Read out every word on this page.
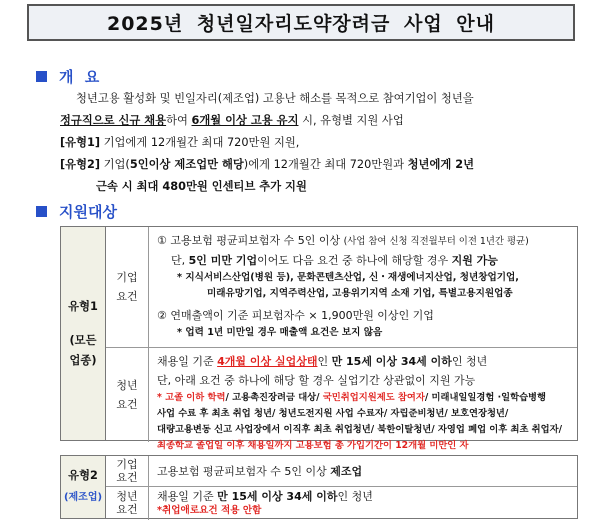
2025년 청년일자리도약장려금 사업 안내
개 요
청년고용 활성화 및 빈일자리(제조업) 고용난 해소를 목적으로 참여기업이 청년을
정규직으로 신규 채용하여 6개월 이상 고용 유지 시, 유형별 지원 사업
[유형1] 기업에게 12개월간 최대 720만원 지원,
[유형2] 기업(5인이상 제조업만 해당)에게 12개월간 최대 720만원과 청년에게 2년
근속 시 최대 480만원 인센티브 추가 지원
지원대상
유형1
(모든
업종)
기업
요건
청년
요건
① 고용보험 평균피보험자 수 5인 이상 (사업 참여 신청 직전월부터 이전 1년간 평균)
단, 5인 미만 기업이어도 다음 요건 중 하나에 해당할 경우 지원 가능
* 지식서비스산업(병원 등), 문화콘텐츠산업, 신・재생에너지산업, 청년창업기업,
미래유망기업, 지역주력산업, 고용위기지역 소재 기업, 특별고용지원업종
② 연매출액이 기준 피보험자수 × 1,900만원 이상인 기업
* 업력 1년 미만일 경우 매출액 요건은 보지 않음
채용일 기준 4개월 이상 실업상태인 만 15세 이상 34세 이하인 청년
단, 아래 요건 중 하나에 해당 할 경우 실업기간 상관없이 지원 가능
* 고졸 이하 학력/ 고용촉진장려금 대상/ 국민취업지원제도 참여자/ 미래내일일경험 ·일학습병행
사업 수료 후 최초 취업 청년/ 청년도전지원 사업 수료자/ 자립준비청년/ 보호연장청년/
대량고용변동 신고 사업장에서 이직후 최초 취업청년/ 북한이탈청년/ 자영업 폐업 이후 최초 취업자/
최종학교 졸업일 이후 채용일까지 고용보험 총 가입기간이 12개월 미만인 자
유형2
(제조업)
기업
요건
청년
요건
고용보험 평균피보험자 수 5인 이상 제조업
채용일 기준 만 15세 이상 34세 이하인 청년
*취업애로요건 적용 안함
